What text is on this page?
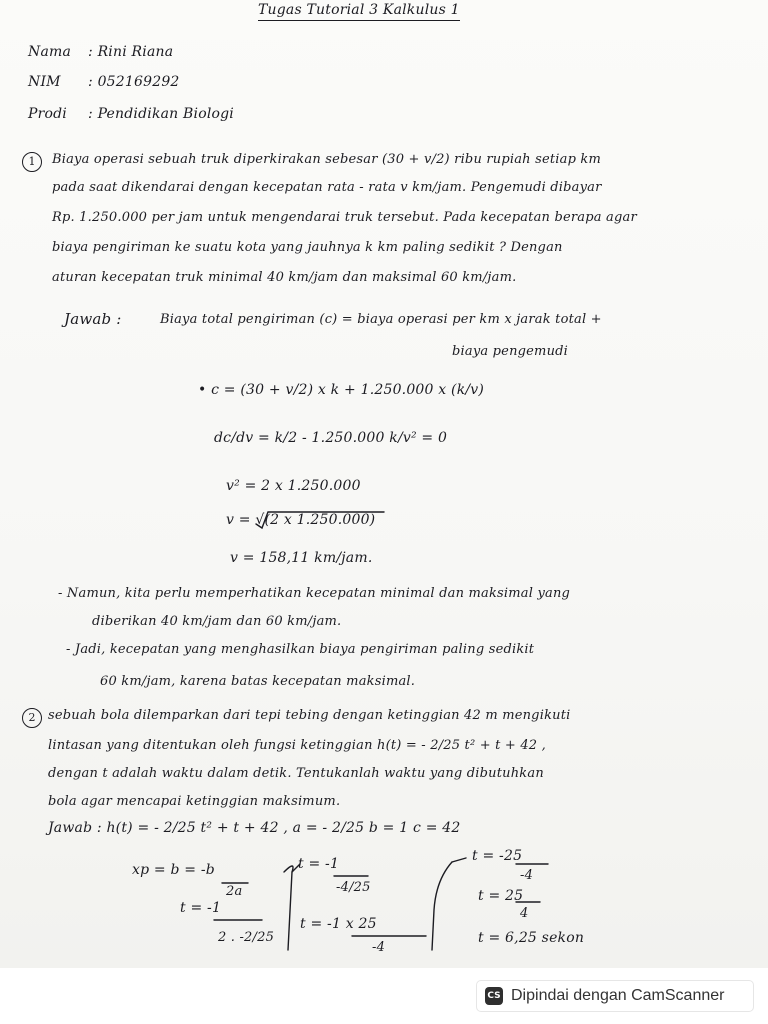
Tugas Tutorial 3 Kalkulus 1
Nama : Rini Riana
NIM : 052169292
Prodi : Pendidikan Biologi
1	Biaya operasi sebuah truk diperkirakan sebesar (30 + v/2) ribu rupiah setiap km
pada saat dikendarai dengan kecepatan rata - rata v km/jam. Pengemudi dibayar
Rp. 1.250.000 per jam untuk mengendarai truk tersebut. Pada kecepatan berapa agar
biaya pengiriman ke suatu kota yang jauhnya k km paling sedikit ? Dengan
aturan kecepatan truk minimal 40 km/jam dan maksimal 60 km/jam.
Jawab :	Biaya total pengiriman (c) = biaya operasi per km x jarak total +
biaya pengemudi
• c = (30 + v/2) x k + 1.250.000 x (k/v)
dc/dv = k/2 - 1.250.000 k/v² = 0
v² = 2 x 1.250.000
v = √(2 x 1.250.000)
v = 158,11 km/jam.
- Namun, kita perlu memperhatikan kecepatan minimal dan maksimal yang
diberikan 40 km/jam dan 60 km/jam.
- Jadi, kecepatan yang menghasilkan biaya pengiriman paling sedikit
60 km/jam, karena batas kecepatan maksimal.
2 sebuah bola dilemparkan dari tepi tebing dengan ketinggian 42 m mengikuti
lintasan yang ditentukan oleh fungsi ketinggian h(t) = - 2/25 t² + t + 42 ,
dengan t adalah waktu dalam detik. Tentukanlah waktu yang dibutuhkan
bola agar mencapai ketinggian maksimum.
Jawab : h(t) = - 2/25 t² + t + 42 , a = - 2/25 b = 1 c = 42
xp = b = -b
2a
t = -1
2 . -2/25
t = -1
-4/25
t = -1 x 25
-4
t = -25
-4
t = 25
4
t = 6,25 sekon
CS Dipindai dengan CamScanner
